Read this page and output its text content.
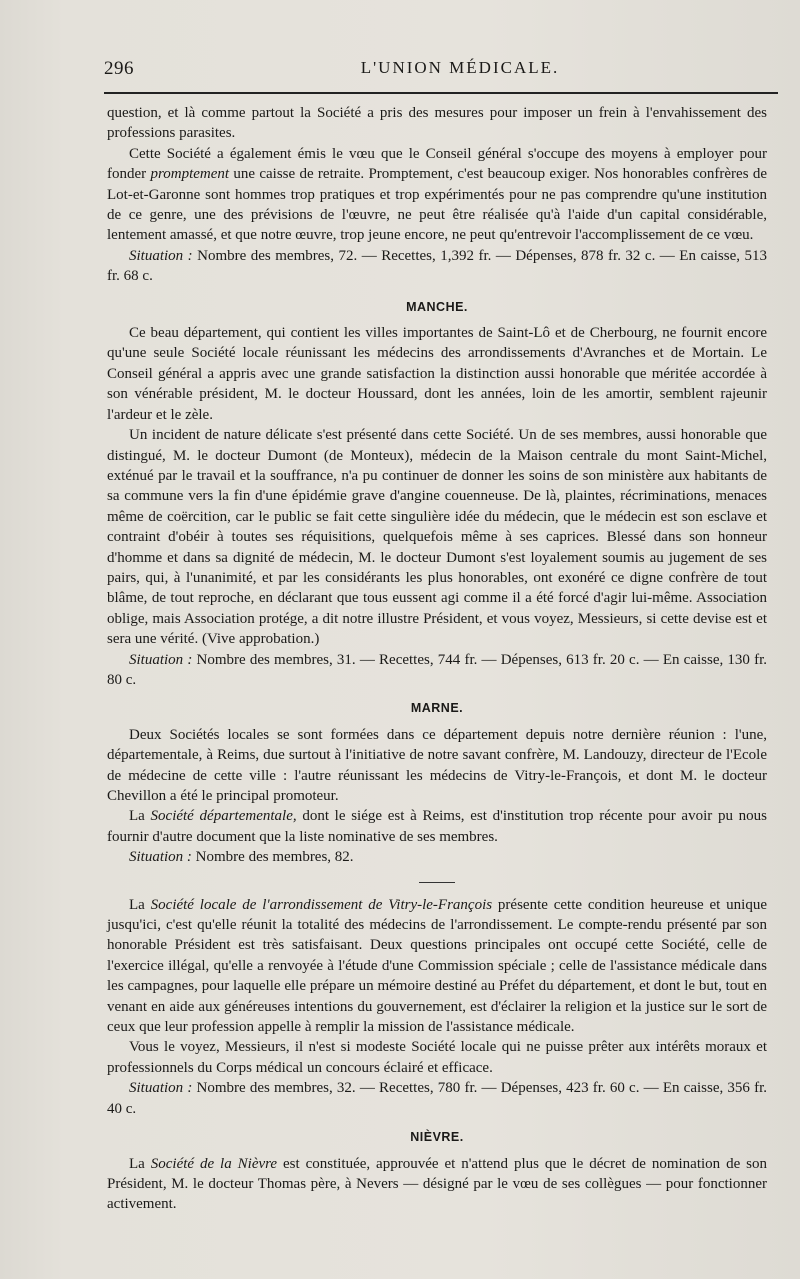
296	L'UNION MÉDICALE.

question, et là comme partout la Société a pris des mesures pour imposer un frein à l'envahissement des professions parasites.

Cette Société a également émis le vœu que le Conseil général s'occupe des moyens à employer pour fonder promptement une caisse de retraite. Promptement, c'est beaucoup exiger. Nos honorables confrères de Lot-et-Garonne sont hommes trop pratiques et trop expérimentés pour ne pas comprendre qu'une institution de ce genre, une des prévisions de l'œuvre, ne peut être réalisée qu'à l'aide d'un capital considérable, lentement amassé, et que notre œuvre, trop jeune encore, ne peut qu'entrevoir l'accomplissement de ce vœu.

Situation : Nombre des membres, 72. — Recettes, 1,392 fr. — Dépenses, 878 fr. 32 c. — En caisse, 513 fr. 68 c.

MANCHE.

Ce beau département, qui contient les villes importantes de Saint-Lô et de Cherbourg, ne fournit encore qu'une seule Société locale réunissant les médecins des arrondissements d'Avranches et de Mortain. Le Conseil général a appris avec une grande satisfaction la distinction aussi honorable que méritée accordée à son vénérable président, M. le docteur Houssard, dont les années, loin de les amortir, semblent rajeunir l'ardeur et le zèle.

Un incident de nature délicate s'est présenté dans cette Société. Un de ses membres, aussi honorable que distingué, M. le docteur Dumont (de Monteux), médecin de la Maison centrale du mont Saint-Michel, exténué par le travail et la souffrance, n'a pu continuer de donner les soins de son ministère aux habitants de sa commune vers la fin d'une épidémie grave d'angine couenneuse. De là, plaintes, récriminations, menaces même de coërcition, car le public se fait cette singulière idée du médecin, que le médecin est son esclave et contraint d'obéir à toutes ses réquisitions, quelquefois même à ses caprices. Blessé dans son honneur d'homme et dans sa dignité de médecin, M. le docteur Dumont s'est loyalement soumis au jugement de ses pairs, qui, à l'unanimité, et par les considérants les plus honorables, ont exonéré ce digne confrère de tout blâme, de tout reproche, en déclarant que tous eussent agi comme il a été forcé d'agir lui-même. Association oblige, mais Association protége, a dit notre illustre Président, et vous voyez, Messieurs, si cette devise est et sera une vérité. (Vive approbation.)

Situation : Nombre des membres, 31. — Recettes, 744 fr. — Dépenses, 613 fr. 20 c. — En caisse, 130 fr. 80 c.

MARNE.

Deux Sociétés locales se sont formées dans ce département depuis notre dernière réunion : l'une, départementale, à Reims, due surtout à l'initiative de notre savant confrère, M. Landouzy, directeur de l'Ecole de médecine de cette ville : l'autre réunissant les médecins de Vitry-le-François, et dont M. le docteur Chevillon a été le principal promoteur.

La Société départementale, dont le siége est à Reims, est d'institution trop récente pour avoir pu nous fournir d'autre document que la liste nominative de ses membres.

Situation : Nombre des membres, 82.

La Société locale de l'arrondissement de Vitry-le-François présente cette condition heureuse et unique jusqu'ici, c'est qu'elle réunit la totalité des médecins de l'arrondissement. Le compte-rendu présenté par son honorable Président est très satisfaisant. Deux questions principales ont occupé cette Société, celle de l'exercice illégal, qu'elle a renvoyée à l'étude d'une Commission spéciale ; celle de l'assistance médicale dans les campagnes, pour laquelle elle prépare un mémoire destiné au Préfet du département, et dont le but, tout en venant en aide aux généreuses intentions du gouvernement, est d'éclairer la religion et la justice sur le sort de ceux que leur profession appelle à remplir la mission de l'assistance médicale.

Vous le voyez, Messieurs, il n'est si modeste Société locale qui ne puisse prêter aux intérêts moraux et professionnels du Corps médical un concours éclairé et efficace.

Situation : Nombre des membres, 32. — Recettes, 780 fr. — Dépenses, 423 fr. 60 c. — En caisse, 356 fr. 40 c.

NIÈVRE.

La Société de la Nièvre est constituée, approuvée et n'attend plus que le décret de nomination de son Président, M. le docteur Thomas père, à Nevers — désigné par le vœu de ses collègues — pour fonctionner activement.
